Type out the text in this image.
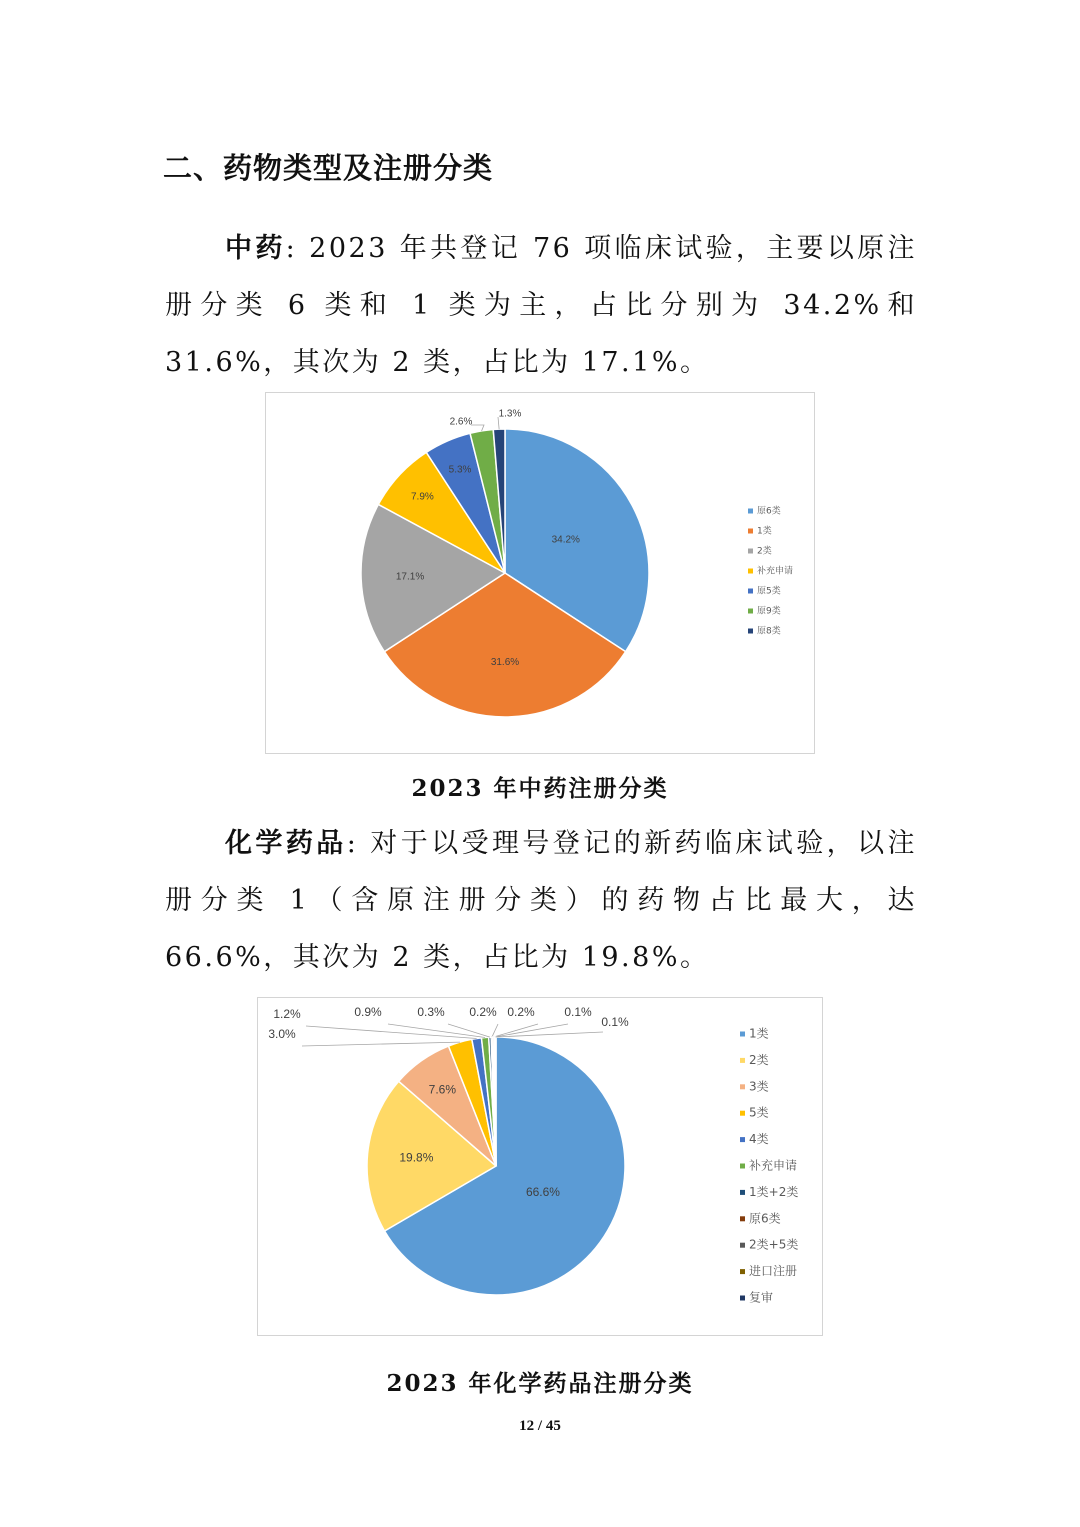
二、药物类型及注册分类

中药: 2023 年共登记 76 项临床试验，主要以原注册分类 6 类和 1 类为主，占比分别为 34.2%和 31.6%，其次为 2 类，占比为 17.1%。

34.2%
31.6%
17.1%
7.9%
5.3%
2.6%
1.3%
原6类
1类
2类
补充申请
原5类
原9类
原8类
2023 年中药注册分类

化学药品: 对于以受理号登记的新药临床试验，以注册分类 1（含原注册分类）的药物占比最大，达 66.6%，其次为 2 类，占比为 19.8%。

66.6%
19.8%
7.6%
3.0%
1.2%	0.9%	0.3% 0.2% 0.2% 0.1%
0.1%
1类
2类
3类
5类
4类
补充申请
1类+2类
原6类
2类+5类
进口注册
复审
2023 年化学药品注册分类
12 / 45
